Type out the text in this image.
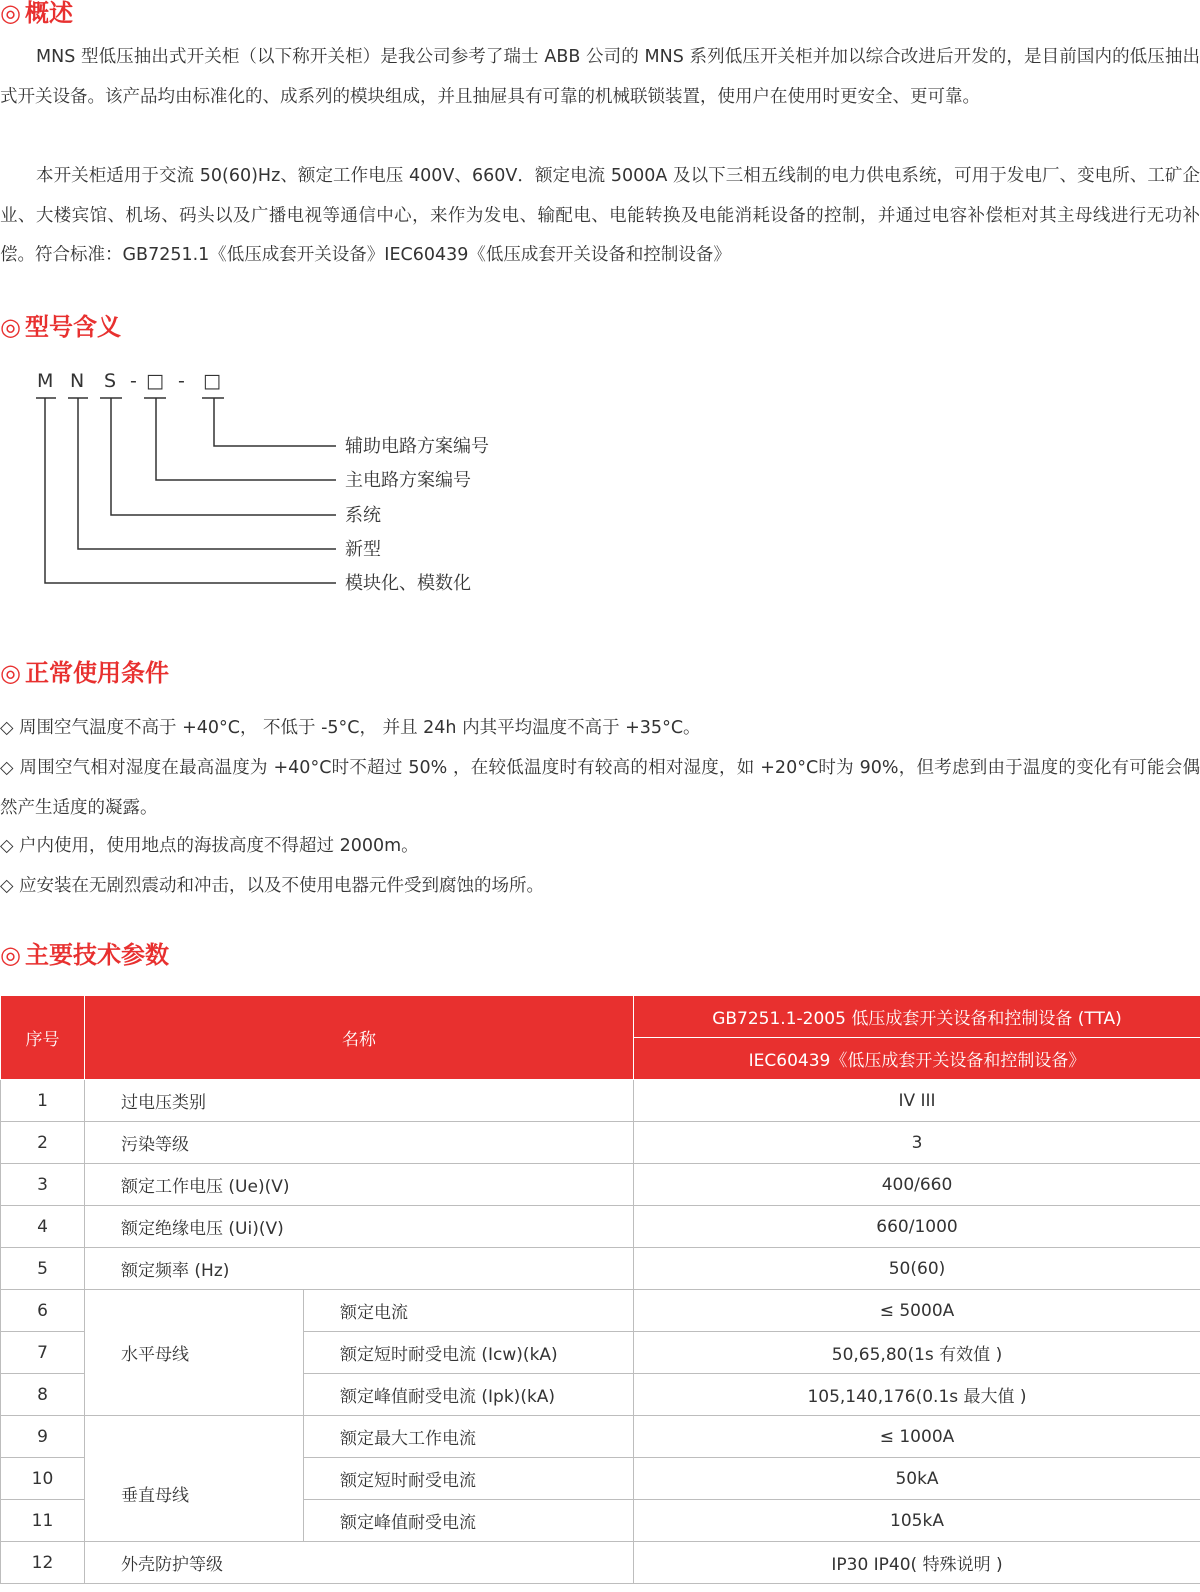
◎ 概述

MNS 型低压抽出式开关柜（以下称开关柜）是我公司参考了瑞士 ABB 公司的 MNS 系列低压开关柜并加以综合改进后开发的，是目前国内的低压抽出式开关设备。该产品均由标准化的、成系列的模块组成，并且抽屉具有可靠的机械联锁装置，使用户在使用时更安全、更可靠。

本开关柜适用于交流 50(60)Hz、额定工作电压 400V、660V．额定电流 5000A 及以下三相五线制的电力供电系统，可用于发电厂、变电所、工矿企业、大楼宾馆、机场、码头以及广播电视等通信中心，来作为发电、输配电、电能转换及电能消耗设备的控制，并通过电容补偿柜对其主母线进行无功补偿。符合标准：GB7251.1《低压成套开关设备》IEC60439《低压成套开关设备和控制设备》

◎ 型号含义
M N S - □ - □
辅助电路方案编号
主电路方案编号
系统
新型
模块化、模数化
◎ 正常使用条件

◇ 周围空气温度不高于 +40°C， 不低于 -5°C， 并且 24h 内其平均温度不高于 +35°C。

◇ 周围空气相对湿度在最高温度为 +40°C时不超过 50% ，在较低温度时有较高的相对湿度，如 +20°C时为 90%，但考虑到由于温度的变化有可能会偶然产生适度的凝露。

◇ 户内使用，使用地点的海拔高度不得超过 2000m。

◇ 应安装在无剧烈震动和冲击，以及不使用电器元件受到腐蚀的场所。

◎ 主要技术参数
序号	名称		GB7251.1-2005 低压成套开关设备和控制设备 (TTA)
			IEC60439《低压成套开关设备和控制设备》
1	过电压类别		IV III
2	污染等级		3
3	额定工作电压 (Ue)(V)		400/660
4	额定绝缘电压 (Ui)(V)		660/1000
5	额定频率 (Hz)		50(60)
6	水平母线	额定电流	≤ 5000A
7		额定短时耐受电流 (Icw)(kA)	50,65,80(1s 有效值 )
8		额定峰值耐受电流 (Ipk)(kA)	105,140,176(0.1s 最大值 )
9	垂直母线	额定最大工作电流	≤ 1000A
10		额定短时耐受电流	50kA
11		额定峰值耐受电流	105kA
12	外壳防护等级		IP30 IP40( 特殊说明 )
